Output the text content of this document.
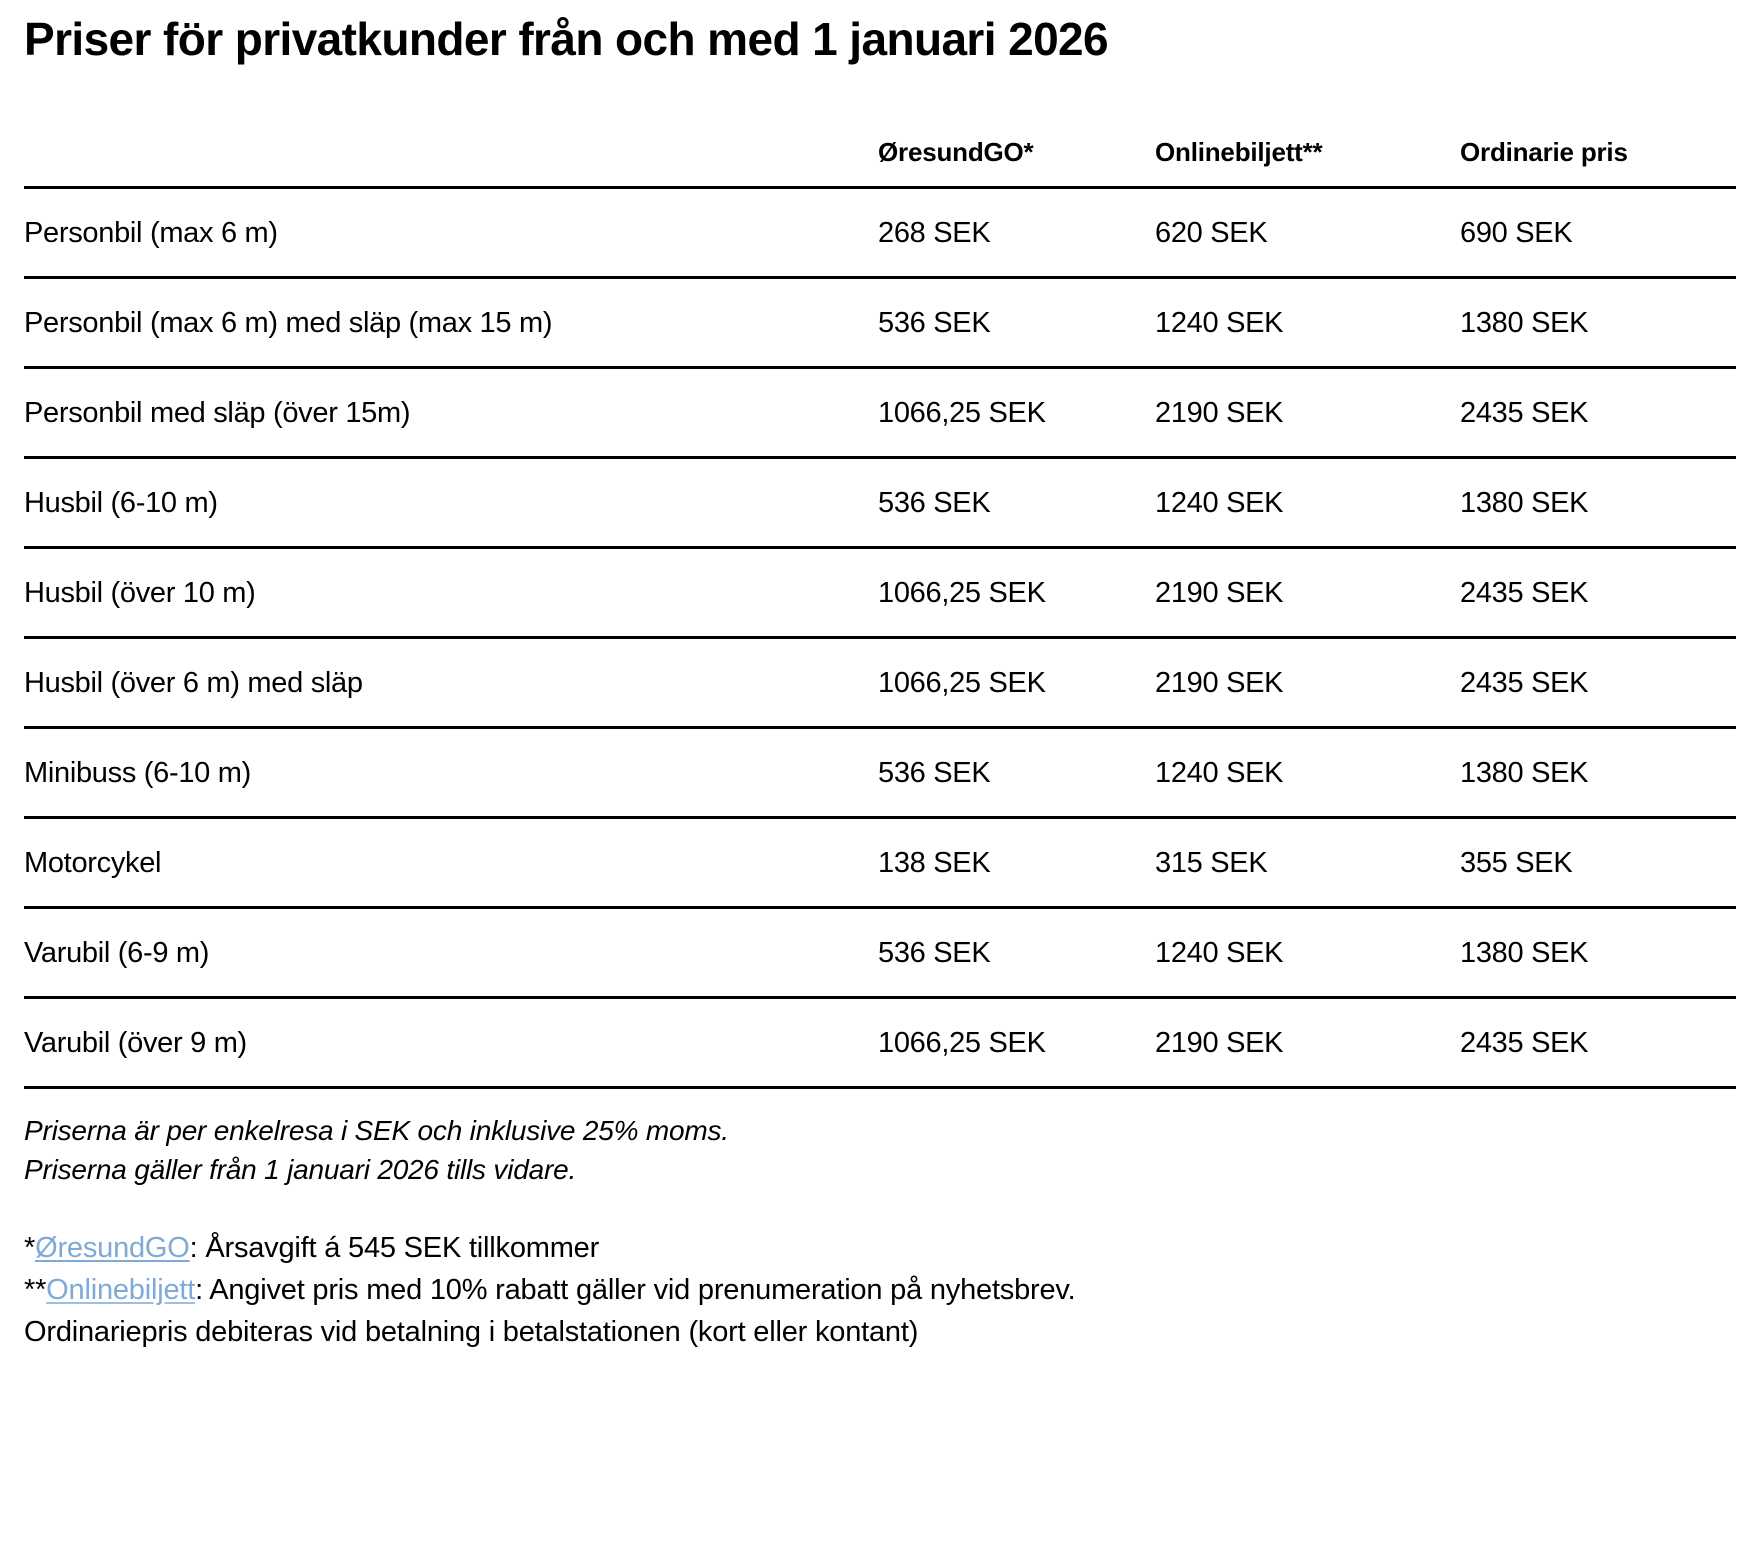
Priser för privatkunder från och med 1 januari 2026
	ØresundGO*	Onlinebiljett**	Ordinarie pris
Personbil (max 6 m)	268 SEK	620 SEK	690 SEK
Personbil (max 6 m) med släp (max 15 m)	536 SEK	1240 SEK	1380 SEK
Personbil med släp (över 15m)	1066,25 SEK	2190 SEK	2435 SEK
Husbil (6-10 m)	536 SEK	1240 SEK	1380 SEK
Husbil (över 10 m)	1066,25 SEK	2190 SEK	2435 SEK
Husbil (över 6 m) med släp	1066,25 SEK	2190 SEK	2435 SEK
Minibuss (6-10 m)	536 SEK	1240 SEK	1380 SEK
Motorcykel	138 SEK	315 SEK	355 SEK
Varubil (6-9 m)	536 SEK	1240 SEK	1380 SEK
Varubil (över 9 m)	1066,25 SEK	2190 SEK	2435 SEK
Priserna är per enkelresa i SEK och inklusive 25% moms.
Priserna gäller från 1 januari 2026 tills vidare.
*ØresundGO: Årsavgift á 545 SEK tillkommer
**Onlinebiljett: Angivet pris med 10% rabatt gäller vid prenumeration på nyhetsbrev.
Ordinariepris debiteras vid betalning i betalstationen (kort eller kontant)
